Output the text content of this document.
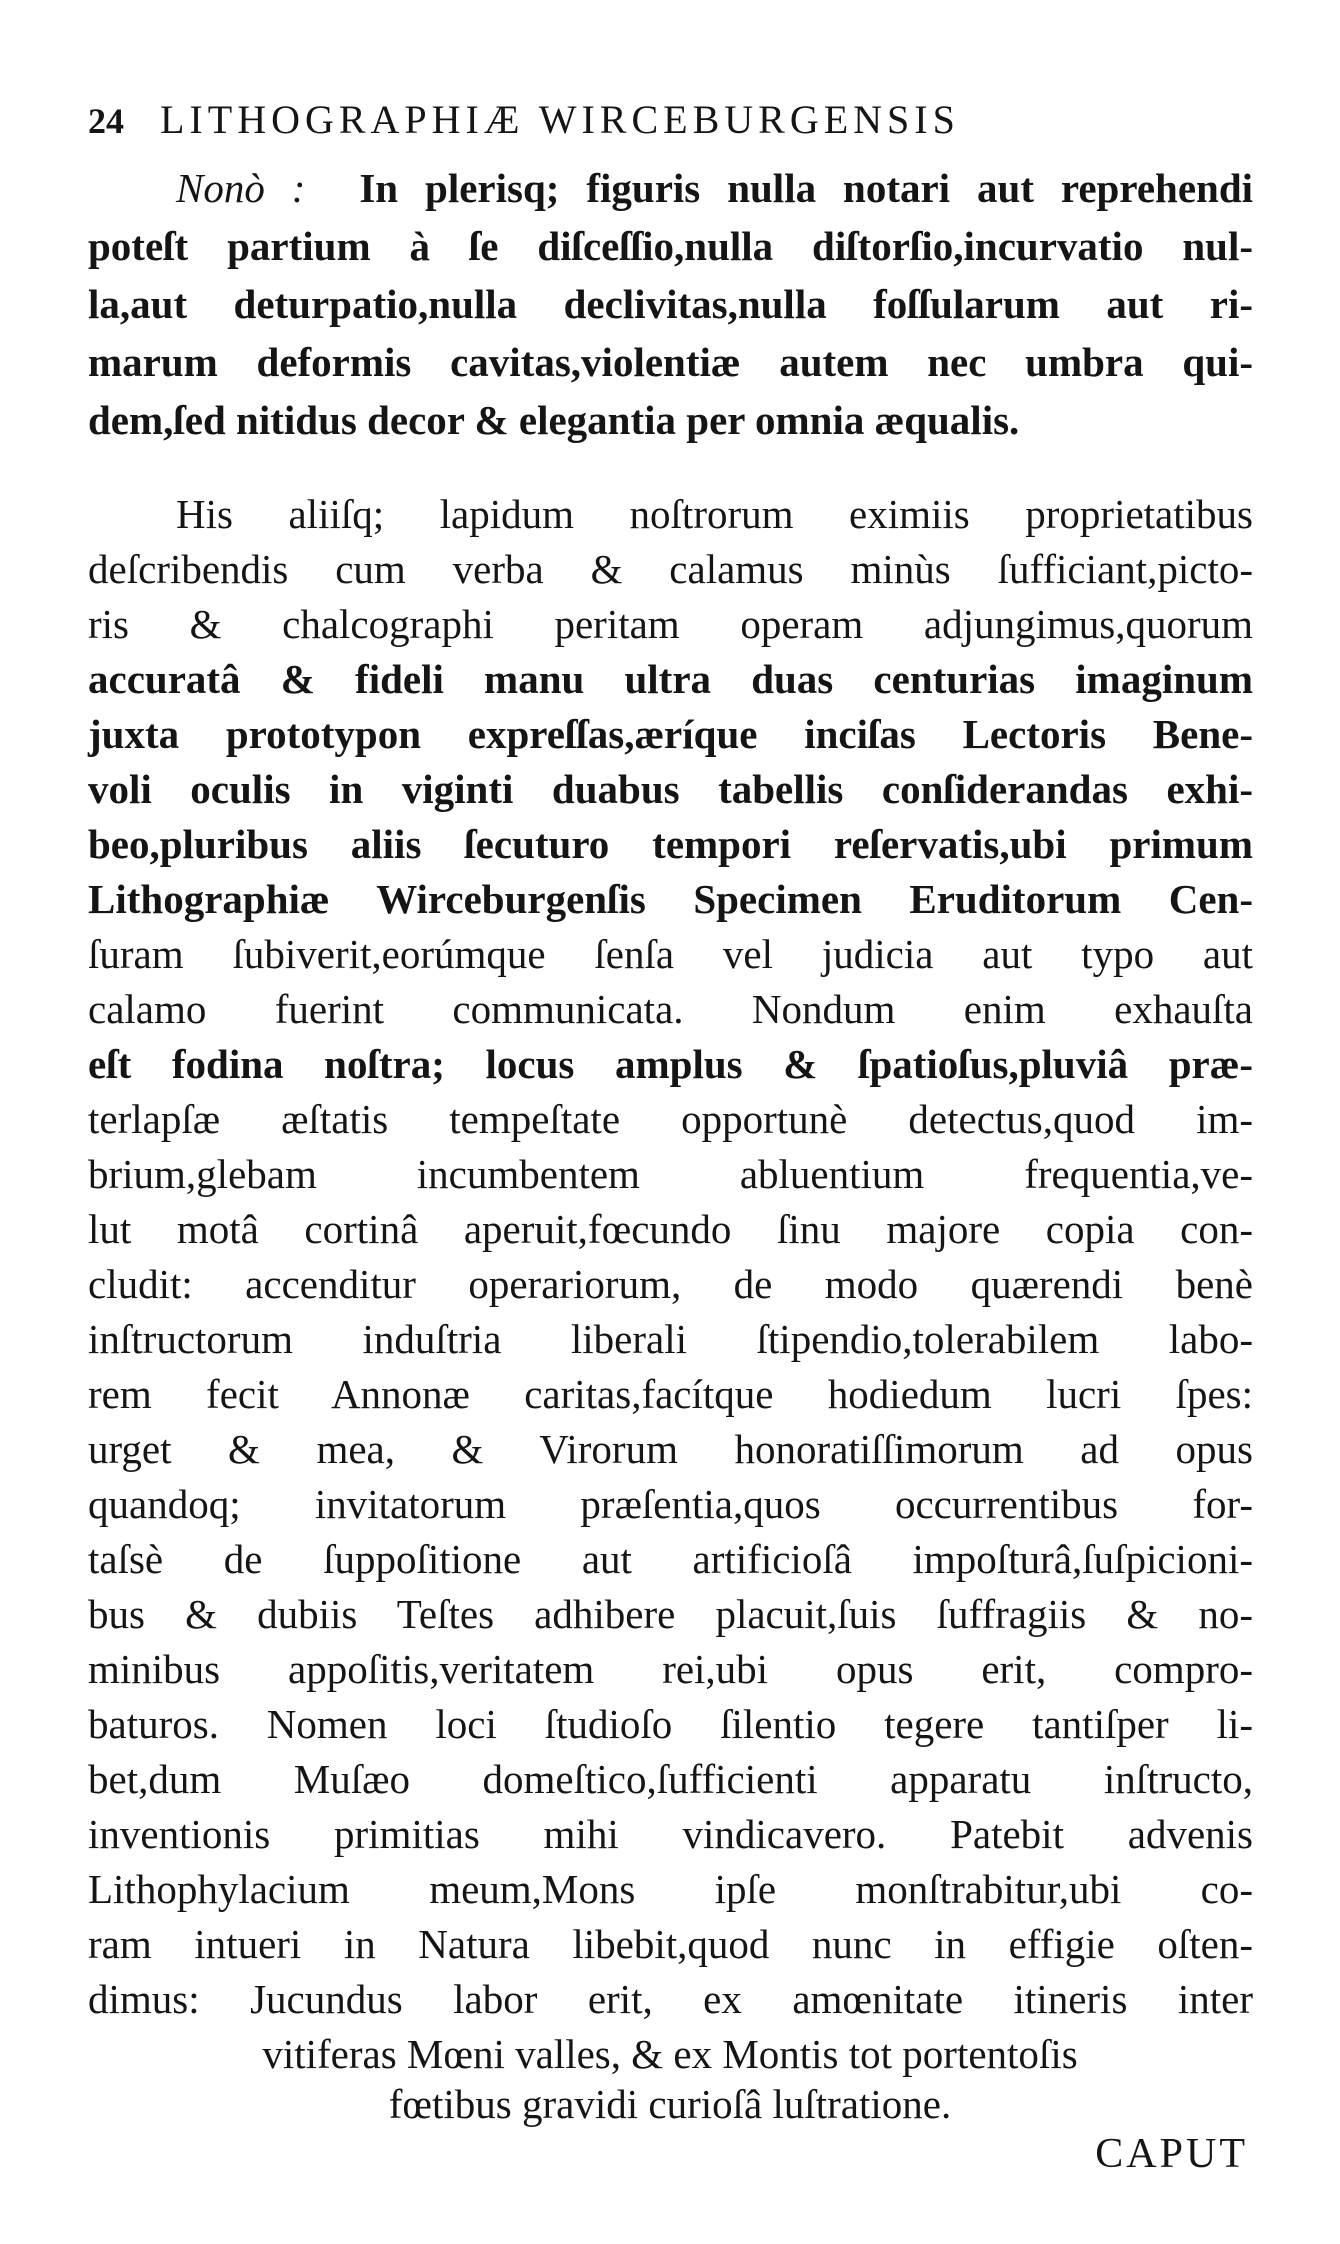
24 LITHOGRAPHIÆ WIRCEBURGENSIS
Nonò : In plerisq; figuris nulla notari aut reprehendi
poteſt partium à ſe diſceſſio,nulla diſtorſio,incurvatio nul-
la,aut deturpatio,nulla declivitas,nulla foſſularum aut ri-
marum deformis cavitas,violentiæ autem nec umbra qui-
dem,ſed nitidus decor & elegantia per omnia æqualis.
His aliiſq; lapidum noſtrorum eximiis proprietatibus
deſcribendis cum verba & calamus minùs ſufficiant,picto-
ris & chalcographi peritam operam adjungimus,quorum
accuratâ & fideli manu ultra duas centurias imaginum
juxta prototypon expreſſas,æríque inciſas Lectoris Bene-
voli oculis in viginti duabus tabellis conſiderandas exhi-
beo,pluribus aliis ſecuturo tempori reſervatis,ubi primum
Lithographiæ Wirceburgenſis Specimen Eruditorum Cen-
ſuram ſubiverit,eorúmque ſenſa vel judicia aut typo aut
calamo fuerint communicata. Nondum enim exhauſta
eſt fodina noſtra; locus amplus & ſpatioſus,pluviâ præ-
terlapſæ æſtatis tempeſtate opportunè detectus,quod im-
brium,glebam incumbentem abluentium frequentia,ve-
lut motâ cortinâ aperuit,fœcundo ſinu majore copia con-
cludit: accenditur operariorum, de modo quærendi benè
inſtructorum induſtria liberali ſtipendio,tolerabilem labo-
rem fecit Annonæ caritas,facítque hodiedum lucri ſpes:
urget & mea, & Virorum honoratiſſimorum ad opus
quandoq; invitatorum præſentia,quos occurrentibus for-
taſsè de ſuppoſitione aut artificioſâ impoſturâ,ſuſpicioni-
bus & dubiis Teſtes adhibere placuit,ſuis ſuffragiis & no-
minibus appoſitis,veritatem rei,ubi opus erit, compro-
baturos. Nomen loci ſtudioſo ſilentio tegere tantiſper li-
bet,dum Muſæo domeſtico,ſufficienti apparatu inſtructo,
inventionis primitias mihi vindicavero. Patebit advenis
Lithophylacium meum,Mons ipſe monſtrabitur,ubi co-
ram intueri in Natura libebit,quod nunc in effigie oſten-
dimus: Jucundus labor erit, ex amœnitate itineris inter
vitiferas Mœni valles, & ex Montis tot portentoſis
fœtibus gravidi curioſâ luſtratione.
CAPUT
